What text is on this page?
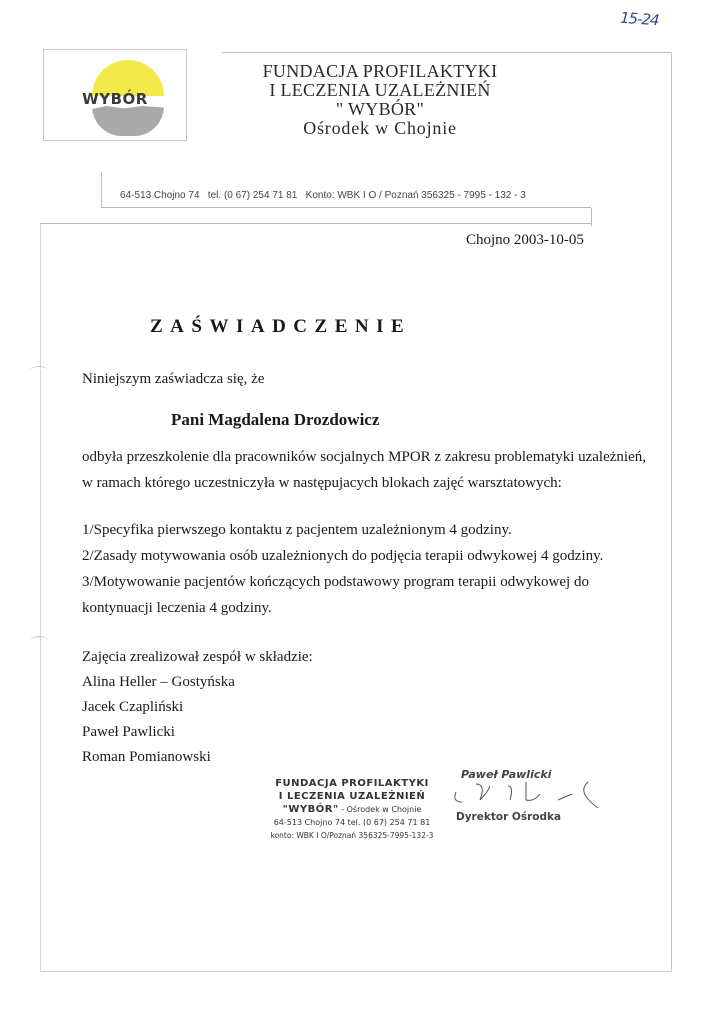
15-24
WYBÓR
FUNDACJA PROFILAKTYKI
I LECZENIA UZALEŻNIEŃ
" WYBÓR"
Ośrodek w Chojnie
64-513 Chojno 74   tel. (0 67) 254 71 81   Konto: WBK I O / Poznań 356325 - 7995 - 132 - 3
Chojno 2003-10-05
ZAŚWIADCZENIE
Niniejszym zaświadcza się, że
Pani Magdalena Drozdowicz
odbyła przeszkolenie dla pracowników socjalnych MPOR z zakresu problematyki uzależnień,
w ramach którego uczestniczyła w następujacych blokach zajęć warsztatowych:
1/Specyfika pierwszego kontaktu z pacjentem uzależnionym 4 godziny.
2/Zasady motywowania osób uzależnionych do podjęcia terapii odwykowej 4 godziny.
3/Motywowanie pacjentów kończących podstawowy program terapii odwykowej do
kontynuacji leczenia 4 godziny.
Zajęcia zrealizował zespół w składzie:
Alina Heller – Gostyńska
Jacek Czapliński
Paweł Pawlicki
Roman Pomianowski
FUNDACJA PROFILAKTYKI
I LECZENIA UZALEŻNIEŃ
"WYBÓR" - Ośrodek w Chojnie
64-513 Chojno 74 tel. (0 67) 254 71 81
konto: WBK I O/Poznań 356325-7995-132-3
Paweł Pawlicki
Dyrektor Ośrodka
